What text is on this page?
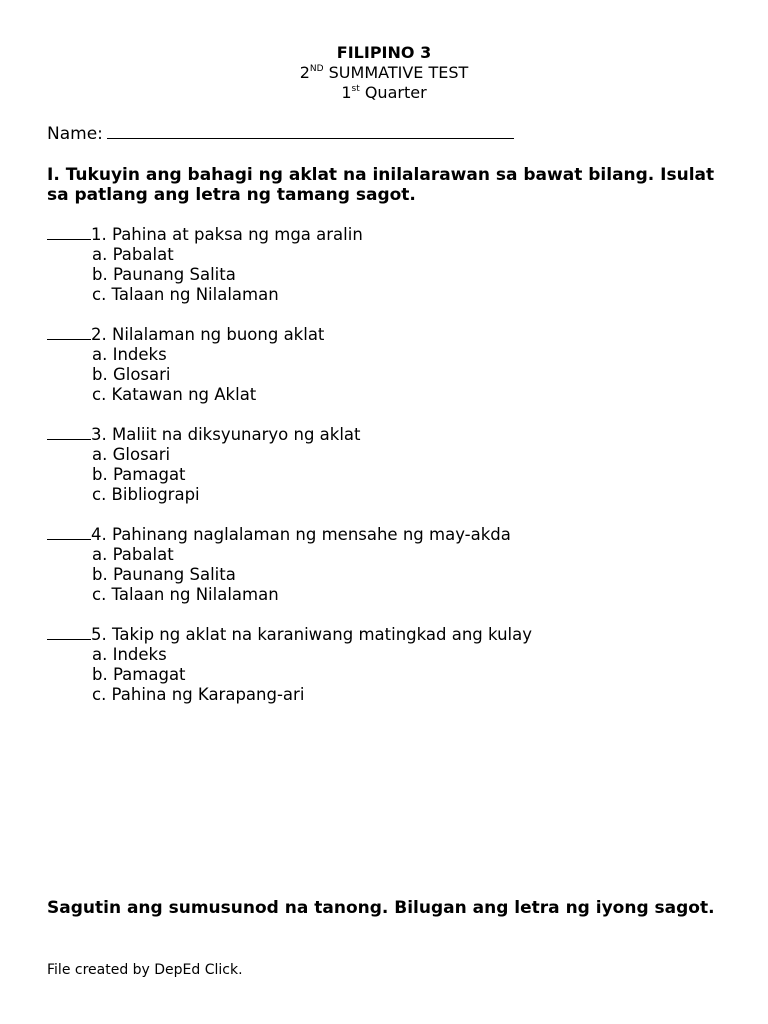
FILIPINO 3
2ND SUMMATIVE TEST
1st Quarter
Name:
I. Tukuyin ang bahagi ng aklat na inilalarawan sa bawat bilang. Isulat sa patlang ang letra ng tamang sagot.
1. Pahina at paksa ng mga aralin
a. Pabalat
b. Paunang Salita
c. Talaan ng Nilalaman
2. Nilalaman ng buong aklat
a. Indeks
b. Glosari
c. Katawan ng Aklat
3. Maliit na diksyunaryo ng aklat
a. Glosari
b. Pamagat
c. Bibliograpi
4. Pahinang naglalaman ng mensahe ng may-akda
a. Pabalat
b. Paunang Salita
c. Talaan ng Nilalaman
5. Takip ng aklat na karaniwang matingkad ang kulay
a. Indeks
b. Pamagat
c. Pahina ng Karapang-ari
Sagutin ang sumusunod na tanong. Bilugan ang letra ng iyong sagot.
File created by DepEd Click.
